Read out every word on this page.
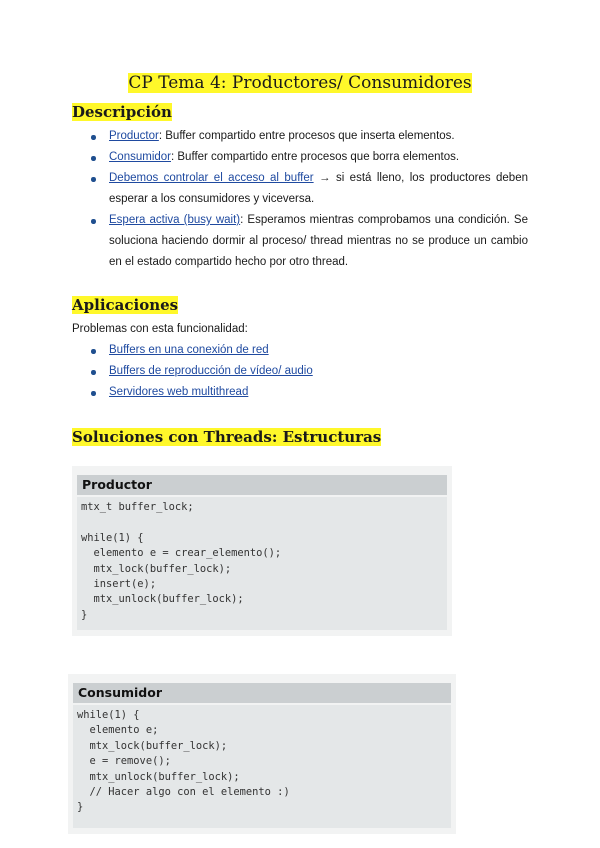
CP Tema 4: Productores/ Consumidores
Descripción
Productor: Buffer compartido entre procesos que inserta elementos.
Consumidor: Buffer compartido entre procesos que borra elementos.
Debemos controlar el acceso al buffer → si está lleno, los productores deben esperar a los consumidores y viceversa.
Espera activa (busy wait): Esperamos mientras comprobamos una condición. Se soluciona haciendo dormir al proceso/ thread mientras no se produce un cambio en el estado compartido hecho por otro thread.
Aplicaciones

Problemas con esta funcionalidad:

Buffers en una conexión de red
Buffers de reproducción de vídeo/ audio
Servidores web multithread
Soluciones con Threads: Estructuras
Productor
mtx_t buffer_lock;

while(1) {
elemento e = crear_elemento();
mtx_lock(buffer_lock);
insert(e);
mtx_unlock(buffer_lock);
}
Consumidor
while(1) {
elemento e;
mtx_lock(buffer_lock);
e = remove();
mtx_unlock(buffer_lock);
// Hacer algo con el elemento :)
}
